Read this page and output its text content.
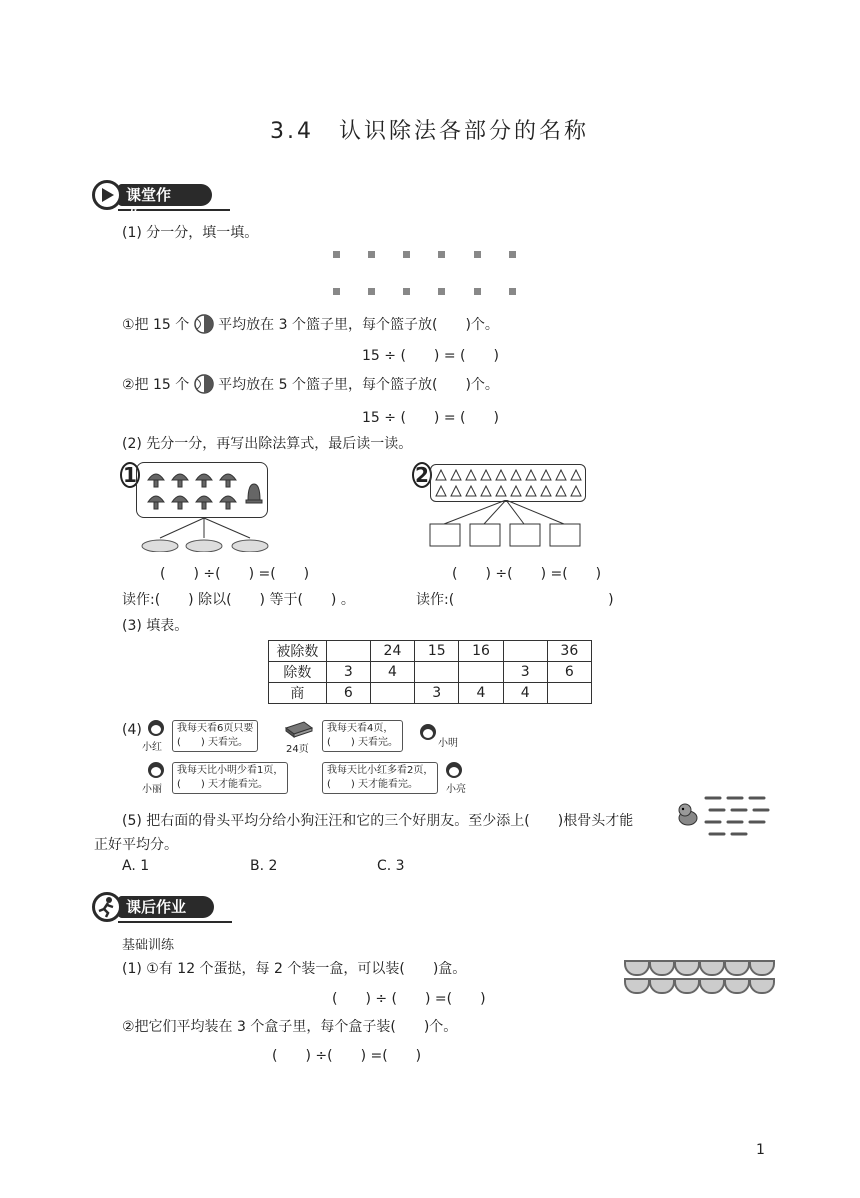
3.4　认识除法各部分的名称
课堂作业
(1) 分一分，填一填。
①把 15 个 平均放在 3 个篮子里，每个篮子放(　　)个。
15 ÷ (　　) = (　　)
②把 15 个 平均放在 5 个篮子里，每个篮子放(　　)个。
15 ÷ (　　) = (　　)
(2) 先分一分，再写出除法算式，最后读一读。
1	2
(　　) ÷(　　) =(　　)	(　　) ÷(　　) =(　　)
读作:(　　) 除以(　　) 等于(　　) 。	读作:(　　　　　　　　　　　)
(3) 填表。
被除数		24	15	16		36
除数	3	4			3	6
商	6		3	4	4	
(4)
小红
我每天看6页只要
(　　) 天看完。
24页
我每天看4页，
(　　) 天看完。	小明
小丽
我每天比小明少看1页，
(　　) 天才能看完。
我每天比小红多看2页，
(　　) 天才能看完。	小亮
(5) 把右面的骨头平均分给小狗汪汪和它的三个好朋友。至少添上(　　)根骨头才能
正好平均分。
A. 1	B. 2	C. 3
课后作业
基础训练
(1) ①有 12 个蛋挞，每 2 个装一盒，可以装(　　)盒。
(　　) ÷ (　　) =(　　)
②把它们平均装在 3 个盒子里，每个盒子装(　　)个。
(　　) ÷(　　) =(　　)
1
